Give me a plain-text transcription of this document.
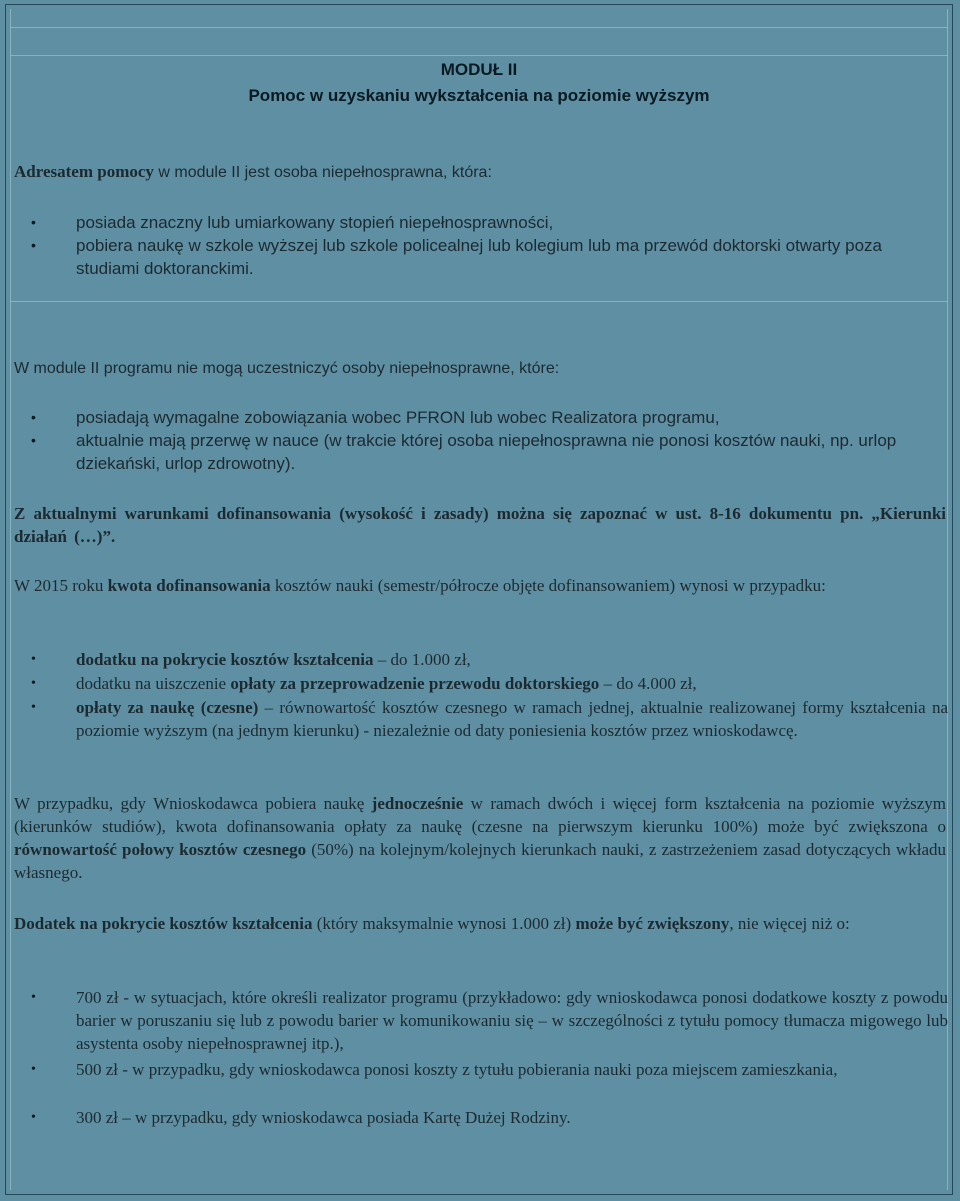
MODUŁ II
Pomoc w uzyskaniu wykształcenia na poziomie wyższym
Adresatem pomocy w module II jest osoba niepełnosprawna, która:
• posiada znaczny lub umiarkowany stopień niepełnosprawności,
• pobiera naukę w szkole wyższej lub szkole policealnej lub kolegium lub ma przewód doktorski otwarty poza studiami doktoranckimi.
W module II programu nie mogą uczestniczyć osoby niepełnosprawne, które:
• posiadają wymagalne zobowiązania wobec PFRON lub wobec Realizatora programu,
• aktualnie mają przerwę w nauce (w trakcie której osoba niepełnosprawna nie ponosi kosztów nauki, np. urlop dziekański, urlop zdrowotny).
Z aktualnymi warunkami dofinansowania (wysokość i zasady) można się zapoznać w ust. 8-16 dokumentu pn. „Kierunki działań (…)”.
W 2015 roku kwota dofinansowania kosztów nauki (semestr/półrocze objęte dofinansowaniem) wynosi w przypadku:
• dodatku na pokrycie kosztów kształcenia – do 1.000 zł,
• dodatku na uiszczenie opłaty za przeprowadzenie przewodu doktorskiego – do 4.000 zł,
• opłaty za naukę (czesne) – równowartość kosztów czesnego w ramach jednej, aktualnie realizowanej formy kształcenia na poziomie wyższym (na jednym kierunku) - niezależnie od daty poniesienia kosztów przez wnioskodawcę.
W przypadku, gdy Wnioskodawca pobiera naukę jednocześnie w ramach dwóch i więcej form kształcenia na poziomie wyższym (kierunków studiów), kwota dofinansowania opłaty za naukę (czesne na pierwszym kierunku 100%) może być zwiększona o równowartość połowy kosztów czesnego (50%) na kolejnym/kolejnych kierunkach nauki, z zastrzeżeniem zasad dotyczących wkładu własnego.
Dodatek na pokrycie kosztów kształcenia (który maksymalnie wynosi 1.000 zł) może być zwiększony, nie więcej niż o:
• 700 zł - w sytuacjach, które określi realizator programu (przykładowo: gdy wnioskodawca ponosi dodatkowe koszty z powodu barier w poruszaniu się lub z powodu barier w komunikowaniu się – w szczególności z tytułu pomocy tłumacza migowego lub asystenta osoby niepełnosprawnej itp.),
• 500 zł - w przypadku, gdy wnioskodawca ponosi koszty z tytułu pobierania nauki poza miejscem zamieszkania,
• 300 zł – w przypadku, gdy wnioskodawca posiada Kartę Dużej Rodziny.
